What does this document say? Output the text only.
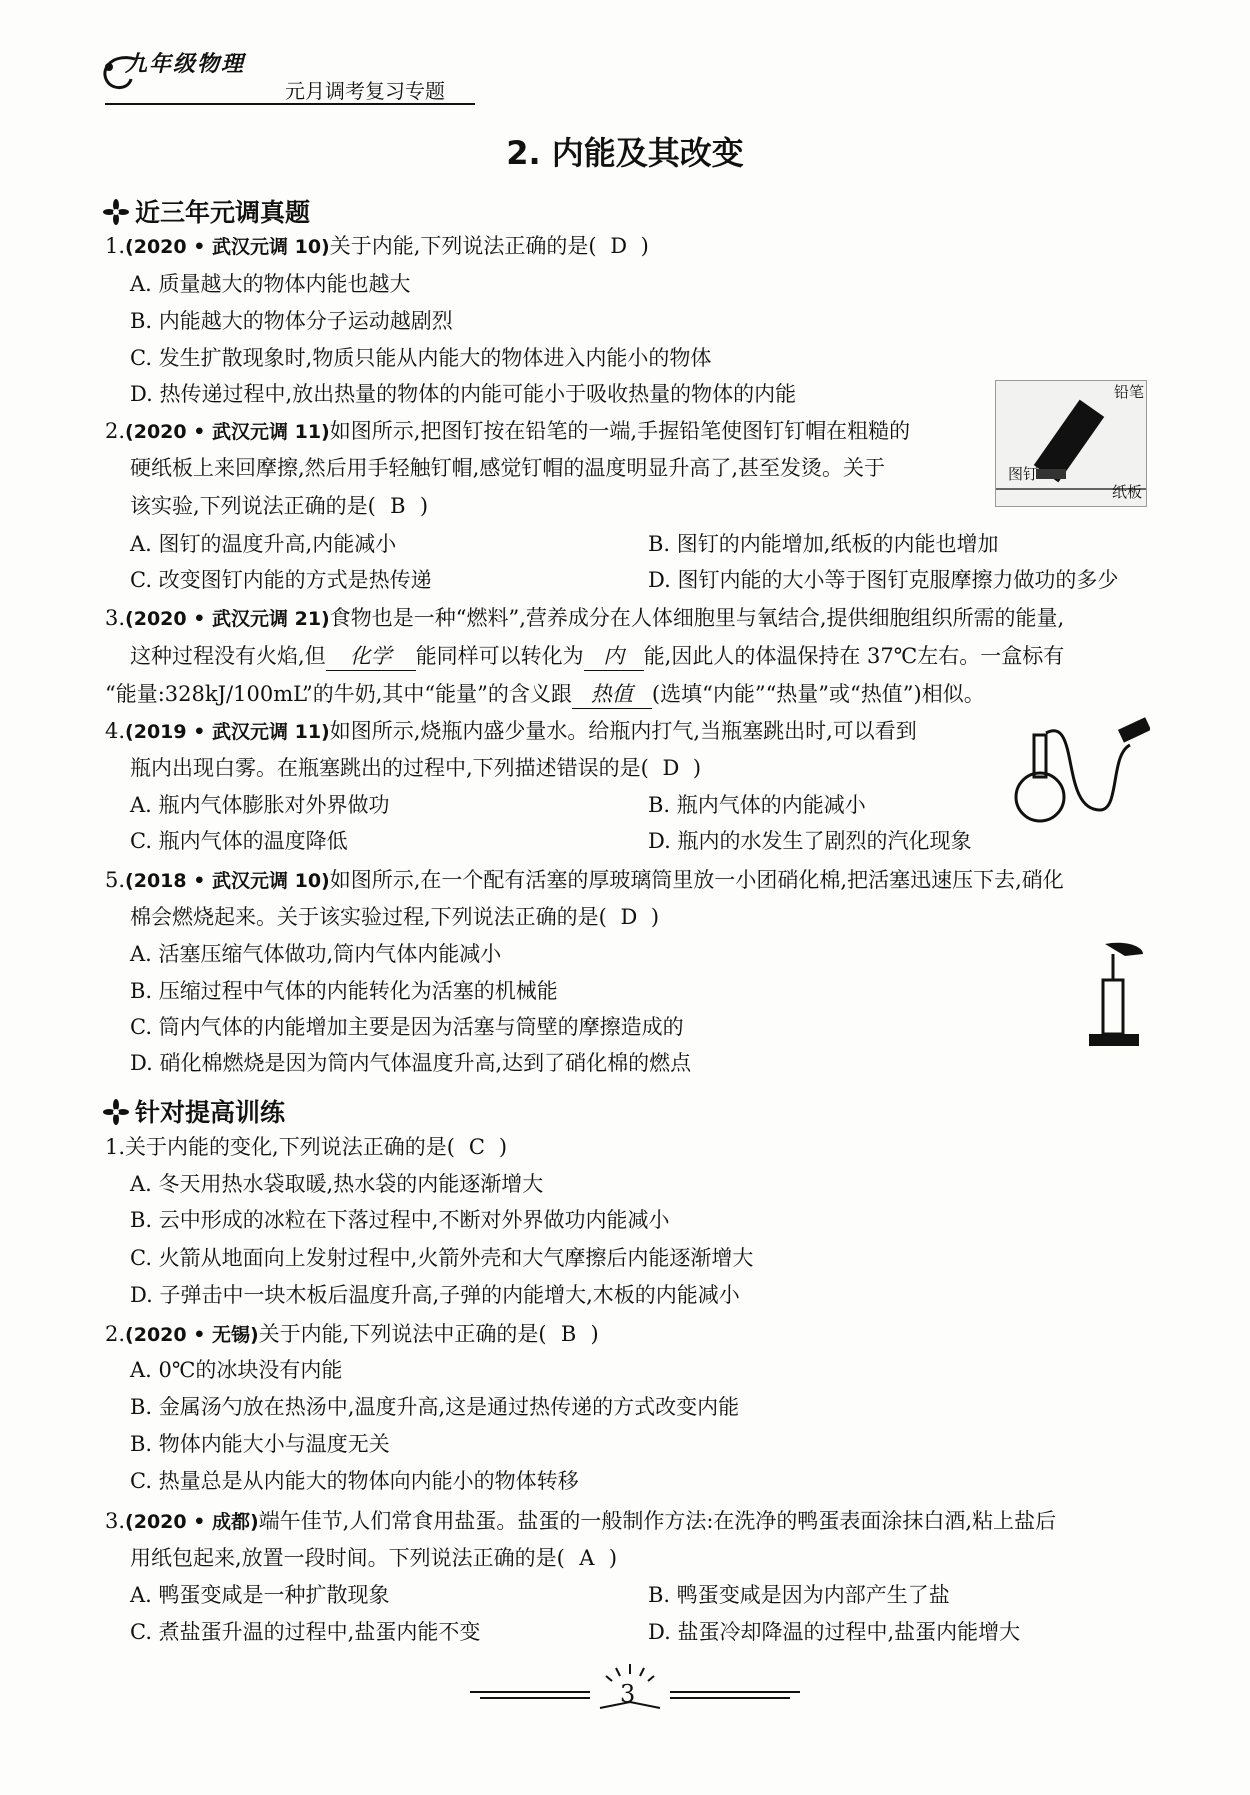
九年级物理
元月调考复习专题
2. 内能及其改变
近三年元调真题
1.(2020 • 武汉元调 10)关于内能,下列说法正确的是( D )
A. 质量越大的物体内能也越大
B. 内能越大的物体分子运动越剧烈
C. 发生扩散现象时,物质只能从内能大的物体进入内能小的物体
D. 热传递过程中,放出热量的物体的内能可能小于吸收热量的物体的内能	铅笔
图钉
纸板
2.(2020 • 武汉元调 11)如图所示,把图钉按在铅笔的一端,手握铅笔使图钉钉帽在粗糙的
硬纸板上来回摩擦,然后用手轻触钉帽,感觉钉帽的温度明显升高了,甚至发烫。关于
该实验,下列说法正确的是( B )
A. 图钉的温度升高,内能减小	B. 图钉的内能增加,纸板的内能也增加
C. 改变图钉内能的方式是热传递	D. 图钉内能的大小等于图钉克服摩擦力做功的多少
3.(2020 • 武汉元调 21)食物也是一种“燃料”,营养成分在人体细胞里与氧结合,提供细胞组织所需的能量,
这种过程没有火焰,但 化学 能同样可以转化为 内 能,因此人的体温保持在 37℃左右。一盒标有
“能量:328kJ/100mL”的牛奶,其中“能量”的含义跟 热值 (选填“内能”“热量”或“热值”)相似。
4.(2019 • 武汉元调 11)如图所示,烧瓶内盛少量水。给瓶内打气,当瓶塞跳出时,可以看到
瓶内出现白雾。在瓶塞跳出的过程中,下列描述错误的是( D )
A. 瓶内气体膨胀对外界做功	B. 瓶内气体的内能减小
C. 瓶内气体的温度降低	D. 瓶内的水发生了剧烈的汽化现象
5.(2018 • 武汉元调 10)如图所示,在一个配有活塞的厚玻璃筒里放一小团硝化棉,把活塞迅速压下去,硝化
棉会燃烧起来。关于该实验过程,下列说法正确的是( D )
A. 活塞压缩气体做功,筒内气体内能减小
B. 压缩过程中气体的内能转化为活塞的机械能
C. 筒内气体的内能增加主要是因为活塞与筒壁的摩擦造成的
D. 硝化棉燃烧是因为筒内气体温度升高,达到了硝化棉的燃点
针对提高训练
1.关于内能的变化,下列说法正确的是( C )
A. 冬天用热水袋取暖,热水袋的内能逐渐增大
B. 云中形成的冰粒在下落过程中,不断对外界做功内能减小
C. 火箭从地面向上发射过程中,火箭外壳和大气摩擦后内能逐渐增大
D. 子弹击中一块木板后温度升高,子弹的内能增大,木板的内能减小
2.(2020 • 无锡)关于内能,下列说法中正确的是( B )
A. 0℃的冰块没有内能
B. 金属汤勺放在热汤中,温度升高,这是通过热传递的方式改变内能
B. 物体内能大小与温度无关
C. 热量总是从内能大的物体向内能小的物体转移
3.(2020 • 成都)端午佳节,人们常食用盐蛋。盐蛋的一般制作方法:在洗净的鸭蛋表面涂抹白酒,粘上盐后
用纸包起来,放置一段时间。下列说法正确的是( A )
A. 鸭蛋变咸是一种扩散现象	B. 鸭蛋变咸是因为内部产生了盐
C. 煮盐蛋升温的过程中,盐蛋内能不变	D. 盐蛋冷却降温的过程中,盐蛋内能增大
3
